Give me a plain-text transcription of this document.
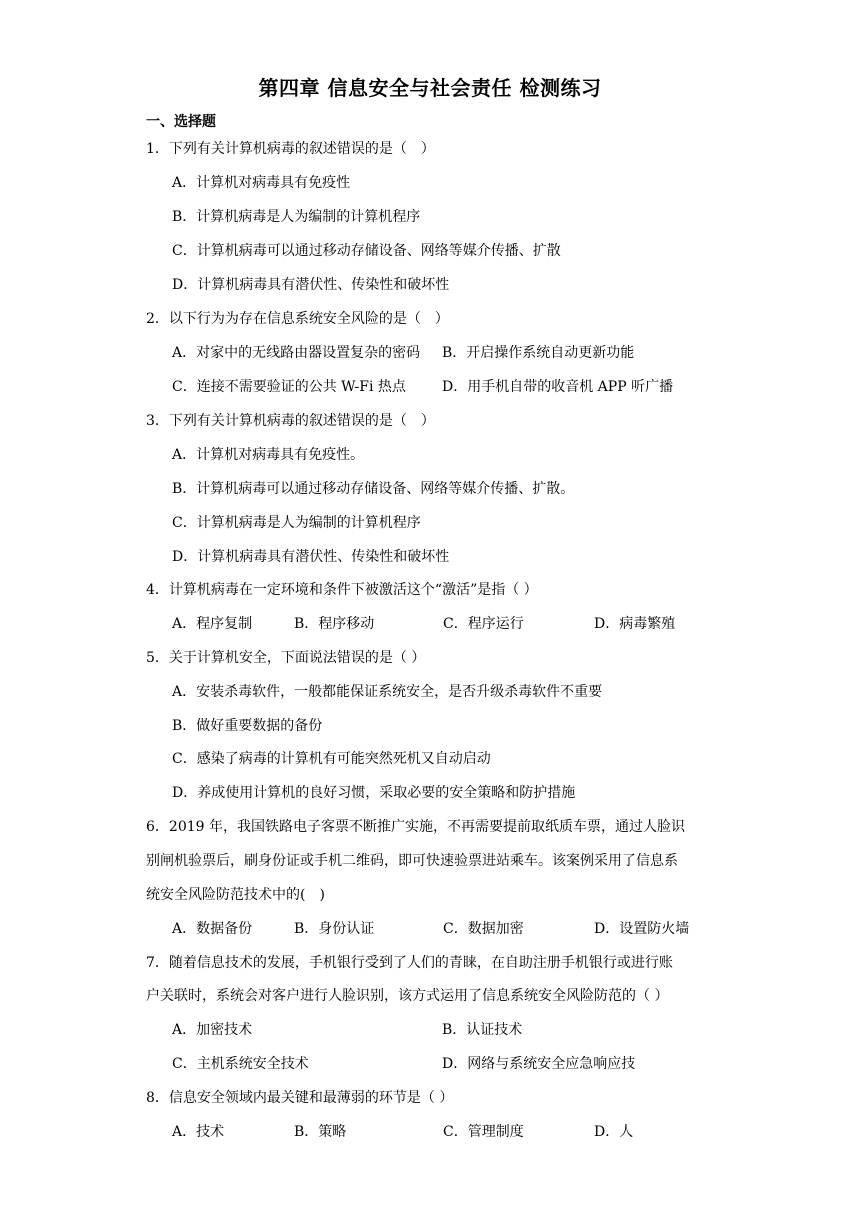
第四章 信息安全与社会责任 检测练习
一、选择题
1．下列有关计算机病毒的叙述错误的是（　）
A．计算机对病毒具有免疫性
B．计算机病毒是人为编制的计算机程序
C．计算机病毒可以通过移动存储设备、网络等媒介传播、扩散
D．计算机病毒具有潜伏性、传染性和破坏性
2．以下行为为存在信息系统安全风险的是（　）
A．对家中的无线路由器设置复杂的密码 B．开启操作系统自动更新功能
C．连接不需要验证的公共 W-Fi 热点	D．用手机自带的收音机 APP 听广播
3．下列有关计算机病毒的叙述错误的是（　）
A．计算机对病毒具有免疫性。
B．计算机病毒可以通过移动存储设备、网络等媒介传播、扩散。
C．计算机病毒是人为编制的计算机程序
D．计算机病毒具有潜伏性、传染性和破坏性
4．计算机病毒在一定环境和条件下被激活这个“激活”是指（ ）
A．程序复制	B．程序移动	C．程序运行	D．病毒繁殖
5．关于计算机安全，下面说法错误的是（ ）
A．安装杀毒软件，一般都能保证系统安全，是否升级杀毒软件不重要
B．做好重要数据的备份
C．感染了病毒的计算机有可能突然死机又自动启动
D．养成使用计算机的良好习惯，采取必要的安全策略和防护措施
6．2019 年，我国铁路电子客票不断推广实施，不再需要提前取纸质车票，通过人脸识
别闸机验票后，刷身份证或手机二维码，即可快速验票进站乘车。该案例采用了信息系
统安全风险防范技术中的(　)
A．数据备份	B．身份认证	C．数据加密	D．设置防火墙
7．随着信息技术的发展，手机银行受到了人们的青睐，在自助注册手机银行或进行账
户关联时，系统会对客户进行人脸识别，该方式运用了信息系统安全风险防范的（ ）
A．加密技术	B．认证技术
C．主机系统安全技术	D．网络与系统安全应急响应技
8．信息安全领域内最关键和最薄弱的环节是（ ）
A．技术	B．策略	C．管理制度	D．人
